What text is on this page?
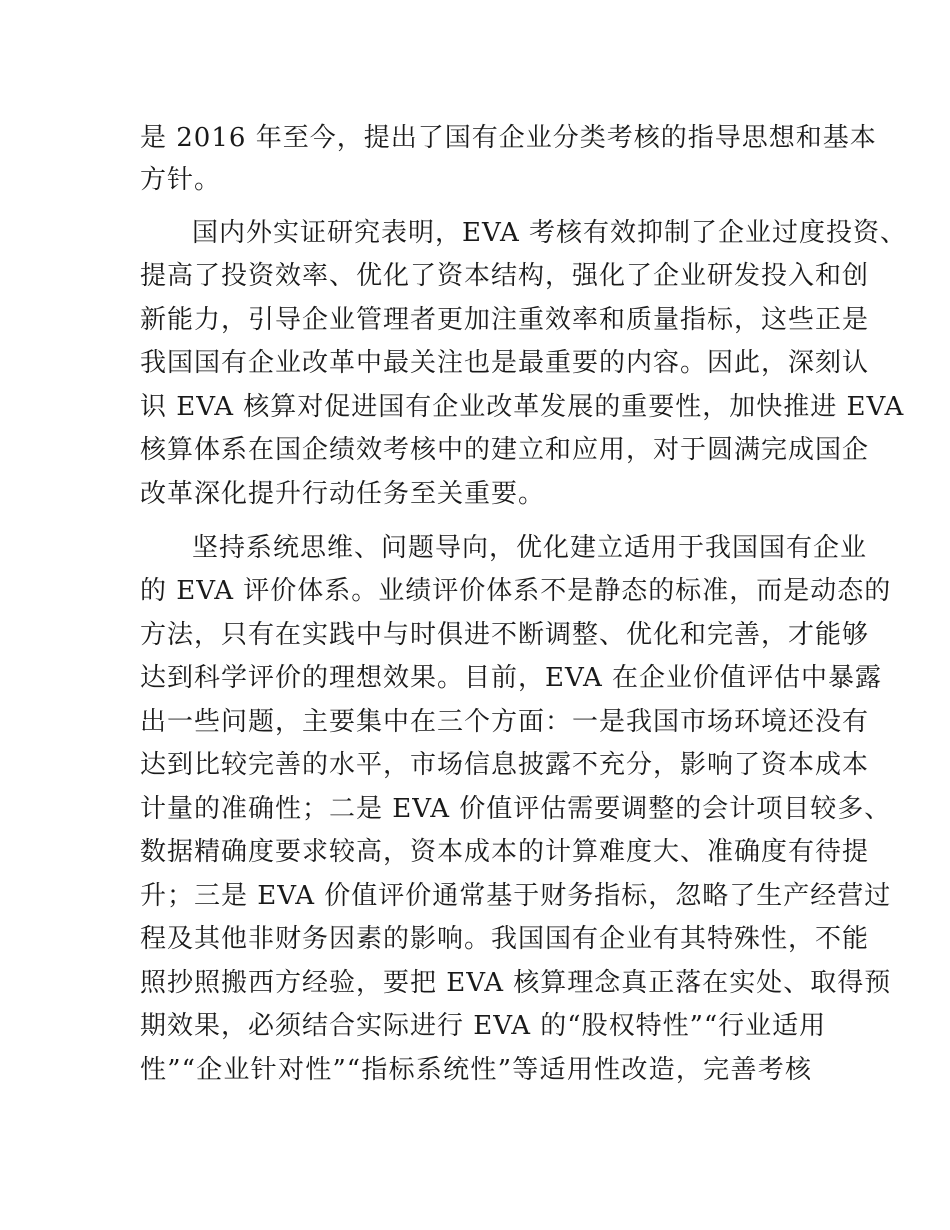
是 2016 年至今，提出了国有企业分类考核的指导思想和基本
方针。
国内外实证研究表明，EVA 考核有效抑制了企业过度投资、
提高了投资效率、优化了资本结构，强化了企业研发投入和创
新能力，引导企业管理者更加注重效率和质量指标，这些正是
我国国有企业改革中最关注也是最重要的内容。因此，深刻认
识 EVA 核算对促进国有企业改革发展的重要性，加快推进 EVA
核算体系在国企绩效考核中的建立和应用，对于圆满完成国企
改革深化提升行动任务至关重要。
坚持系统思维、问题导向，优化建立适用于我国国有企业
的 EVA 评价体系。业绩评价体系不是静态的标准，而是动态的
方法，只有在实践中与时俱进不断调整、优化和完善，才能够
达到科学评价的理想效果。目前，EVA 在企业价值评估中暴露
出一些问题，主要集中在三个方面：一是我国市场环境还没有
达到比较完善的水平，市场信息披露不充分，影响了资本成本
计量的准确性；二是 EVA 价值评估需要调整的会计项目较多、
数据精确度要求较高，资本成本的计算难度大、准确度有待提
升；三是 EVA 价值评价通常基于财务指标，忽略了生产经营过
程及其他非财务因素的影响。我国国有企业有其特殊性，不能
照抄照搬西方经验，要把 EVA 核算理念真正落在实处、取得预
期效果，必须结合实际进行 EVA 的“股权特性”“行业适用
性”“企业针对性”“指标系统性”等适用性改造，完善考核
